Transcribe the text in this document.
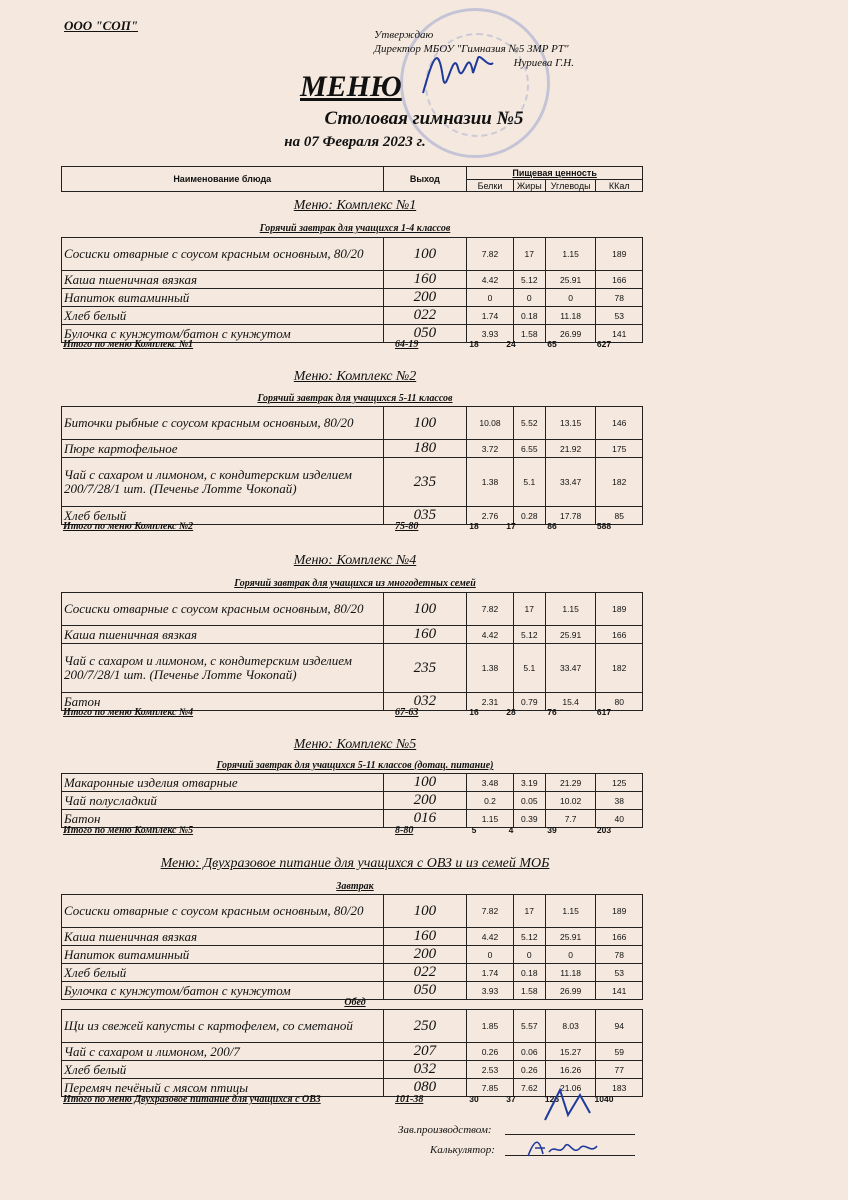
ООО "СОП"
Утверждаю
Директор МБОУ "Гимназия №5 ЗМР РТ"
Нуриева Г.Н.
МЕНЮ
Столовая гимназии №5
на 07 Февраля 2023 г.
Наименование блюда	Выход	Пищевая ценность			
		Белки	Жиры	Углеводы	ККал
Меню: Комплекс №1
Горячий завтрак для учащихся 1-4 классов
Сосиски отварные с соусом красным основным, 80/20	100	7.82	17	1.15	189
Каша пшеничная вязкая	160	4.42	5.12	25.91	166
Напиток витаминный	200	0	0	0	78
Хлеб белый	022	1.74	0.18	11.18	53
Булочка с кунжутом/батон с кунжутом	050	3.93	1.58	26.99	141
Итого по меню Комплекс №1	64-19	18	24	65	627
Меню: Комплекс №2
Горячий завтрак для учащихся 5-11 классов
Биточки рыбные с соусом красным основным, 80/20	100	10.08	5.52	13.15	146
Пюре картофельное	180	3.72	6.55	21.92	175
Чай с сахаром и лимоном, с кондитерским изделием 200/7/28/1 шт. (Печенье Лотте Чокопай)	235	1.38	5.1	33.47	182
Хлеб белый	035	2.76	0.28	17.78	85
Итого по меню Комплекс №2	75-80	18	17	86	588
Меню: Комплекс №4
Горячий завтрак для учащихся из многодетных семей
Сосиски отварные с соусом красным основным, 80/20	100	7.82	17	1.15	189
Каша пшеничная вязкая	160	4.42	5.12	25.91	166
Чай с сахаром и лимоном, с кондитерским изделием 200/7/28/1 шт. (Печенье Лотте Чокопай)	235	1.38	5.1	33.47	182
Батон	032	2.31	0.79	15.4	80
Итого по меню Комплекс №4	67-63	16	28	76	617
Меню: Комплекс №5
Горячий завтрак для учащихся 5-11 классов (дотац. питание)
Макаронные изделия отварные	100	3.48	3.19	21.29	125
Чай полусладкий	200	0.2	0.05	10.02	38
Батон	016	1.15	0.39	7.7	40
Итого по меню Комплекс №5	8-80	5	4	39	203
Меню: Двухразовое питание для учащихся с ОВЗ и из семей МОБ
Завтрак
Сосиски отварные с соусом красным основным, 80/20	100	7.82	17	1.15	189
Каша пшеничная вязкая	160	4.42	5.12	25.91	166
Напиток витаминный	200	0	0	0	78
Хлеб белый	022	1.74	0.18	11.18	53
Булочка с кунжутом/батон с кунжутом	050	3.93	1.58	26.99	141
Обед
Щи из свежей капусты с картофелем, со сметаной	250	1.85	5.57	8.03	94
Чай с сахаром и лимоном, 200/7	207	0.26	0.06	15.27	59
Хлеб белый	032	2.53	0.26	16.26	77
Перемяч печёный с мясом птицы	080	7.85	7.62	21.06	183
Итого по меню Двухразовое питание для учащихся с ОВЗ	101-38	30	37	126	1040
Зав.производством:
Калькулятор:
